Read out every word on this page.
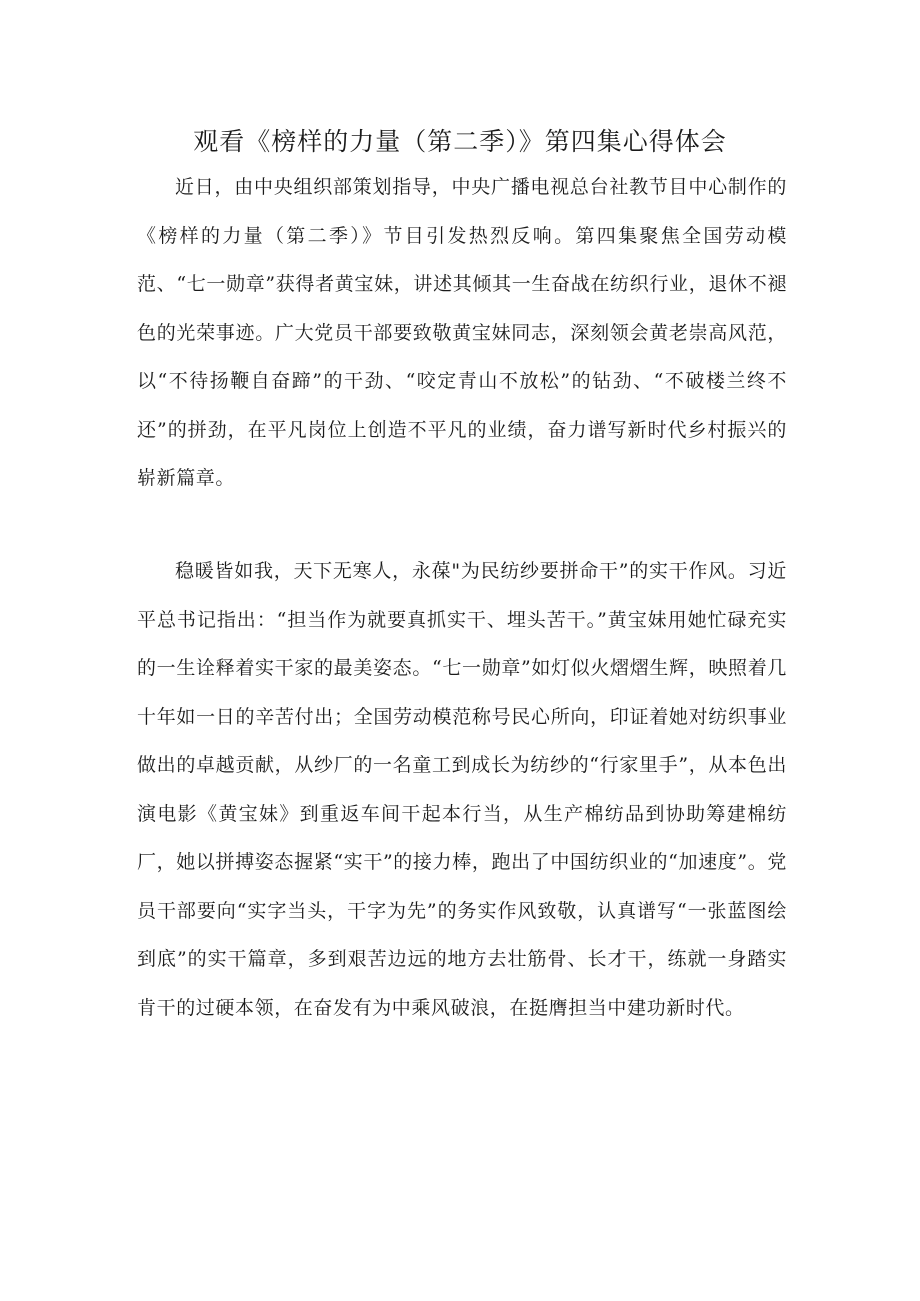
观看《榜样的力量（第二季）》第四集心得体会

近日，由中央组织部策划指导，中央广播电视总台社教节目中心制作的《榜样的力量（第二季）》节目引发热烈反响。第四集聚焦全国劳动模范、“七一勋章”获得者黄宝妹，讲述其倾其一生奋战在纺织行业，退休不褪色的光荣事迹。广大党员干部要致敬黄宝妹同志，深刻领会黄老崇高风范，以“不待扬鞭自奋蹄”的干劲、“咬定青山不放松”的钻劲、“不破楼兰终不还”的拼劲，在平凡岗位上创造不平凡的业绩，奋力谱写新时代乡村振兴的崭新篇章。

稳暖皆如我，天下无寒人，永葆"为民纺纱要拼命干”的实干作风。习近平总书记指出：“担当作为就要真抓实干、埋头苦干。”黄宝妹用她忙碌充实的一生诠释着实干家的最美姿态。“七一勋章”如灯似火熠熠生辉，映照着几十年如一日的辛苦付出；全国劳动模范称号民心所向，印证着她对纺织事业做出的卓越贡献，从纱厂的一名童工到成长为纺纱的“行家里手”，从本色出演电影《黄宝妹》到重返车间干起本行当，从生产棉纺品到协助筹建棉纺厂，她以拼搏姿态握紧“实干”的接力棒，跑出了中国纺织业的“加速度”。党员干部要向“实字当头，干字为先”的务实作风致敬，认真谱写“一张蓝图绘到底”的实干篇章，多到艰苦边远的地方去壮筋骨、长才干，练就一身踏实肯干的过硬本领，在奋发有为中乘风破浪，在挺膺担当中建功新时代。
